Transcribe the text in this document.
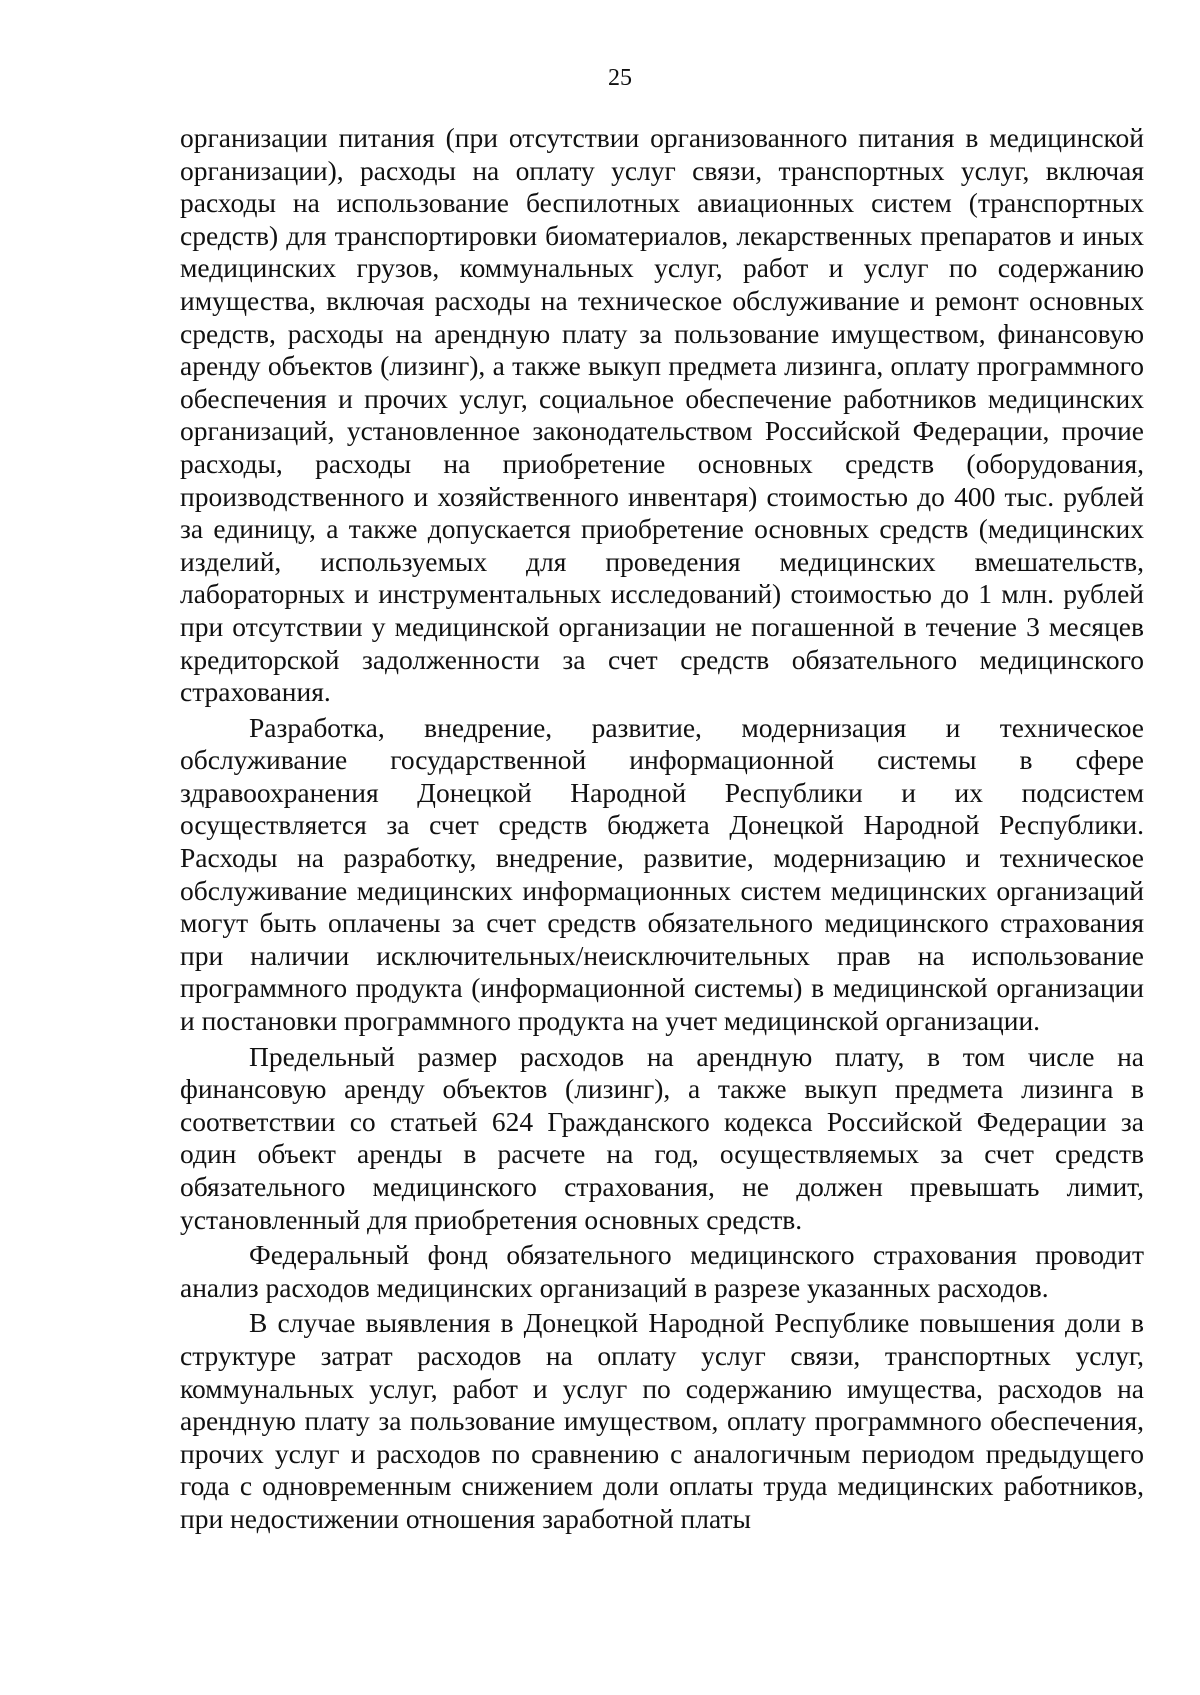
25

организации питания (при отсутствии организованного питания в медицинской организации), расходы на оплату услуг связи, транспортных услуг, включая расходы на использование беспилотных авиационных систем (транспортных средств) для транспортировки биоматериалов, лекарственных препаратов и иных медицинских грузов, коммунальных услуг, работ и услуг по содержанию имущества, включая расходы на техническое обслуживание и ремонт основных средств, расходы на арендную плату за пользование имуществом, финансовую аренду объектов (лизинг), а также выкуп предмета лизинга, оплату программного обеспечения и прочих услуг, социальное обеспечение работников медицинских организаций, установленное законодательством Российской Федерации, прочие расходы, расходы на приобретение основных средств (оборудования, производственного и хозяйственного инвентаря) стоимостью до 400 тыс. рублей за единицу, а также допускается приобретение основных средств (медицинских изделий, используемых для проведения медицинских вмешательств, лабораторных и инструментальных исследований) стоимостью до 1 млн. рублей при отсутствии у медицинской организации не погашенной в течение 3 месяцев кредиторской задолженности за счет средств обязательного медицинского страхования.

Разработка, внедрение, развитие, модернизация и техническое обслуживание государственной информационной системы в сфере здравоохранения Донецкой Народной Республики и их подсистем осуществляется за счет средств бюджета Донецкой Народной Республики. Расходы на разработку, внедрение, развитие, модернизацию и техническое обслуживание медицинских информационных систем медицинских организаций могут быть оплачены за счет средств обязательного медицинского страхования при наличии исключительных/неисключительных прав на использование программного продукта (информационной системы) в медицинской организации и постановки программного продукта на учет медицинской организации.

Предельный размер расходов на арендную плату, в том числе на финансовую аренду объектов (лизинг), а также выкуп предмета лизинга в соответствии со статьей 624 Гражданского кодекса Российской Федерации за один объект аренды в расчете на год, осуществляемых за счет средств обязательного медицинского страхования, не должен превышать лимит, установленный для приобретения основных средств.

Федеральный фонд обязательного медицинского страхования проводит анализ расходов медицинских организаций в разрезе указанных расходов.

В случае выявления в Донецкой Народной Республике повышения доли в структуре затрат расходов на оплату услуг связи, транспортных услуг, коммунальных услуг, работ и услуг по содержанию имущества, расходов на арендную плату за пользование имуществом, оплату программного обеспечения, прочих услуг и расходов по сравнению с аналогичным периодом предыдущего года с одновременным снижением доли оплаты труда медицинских работников, при недостижении отношения заработной платы
